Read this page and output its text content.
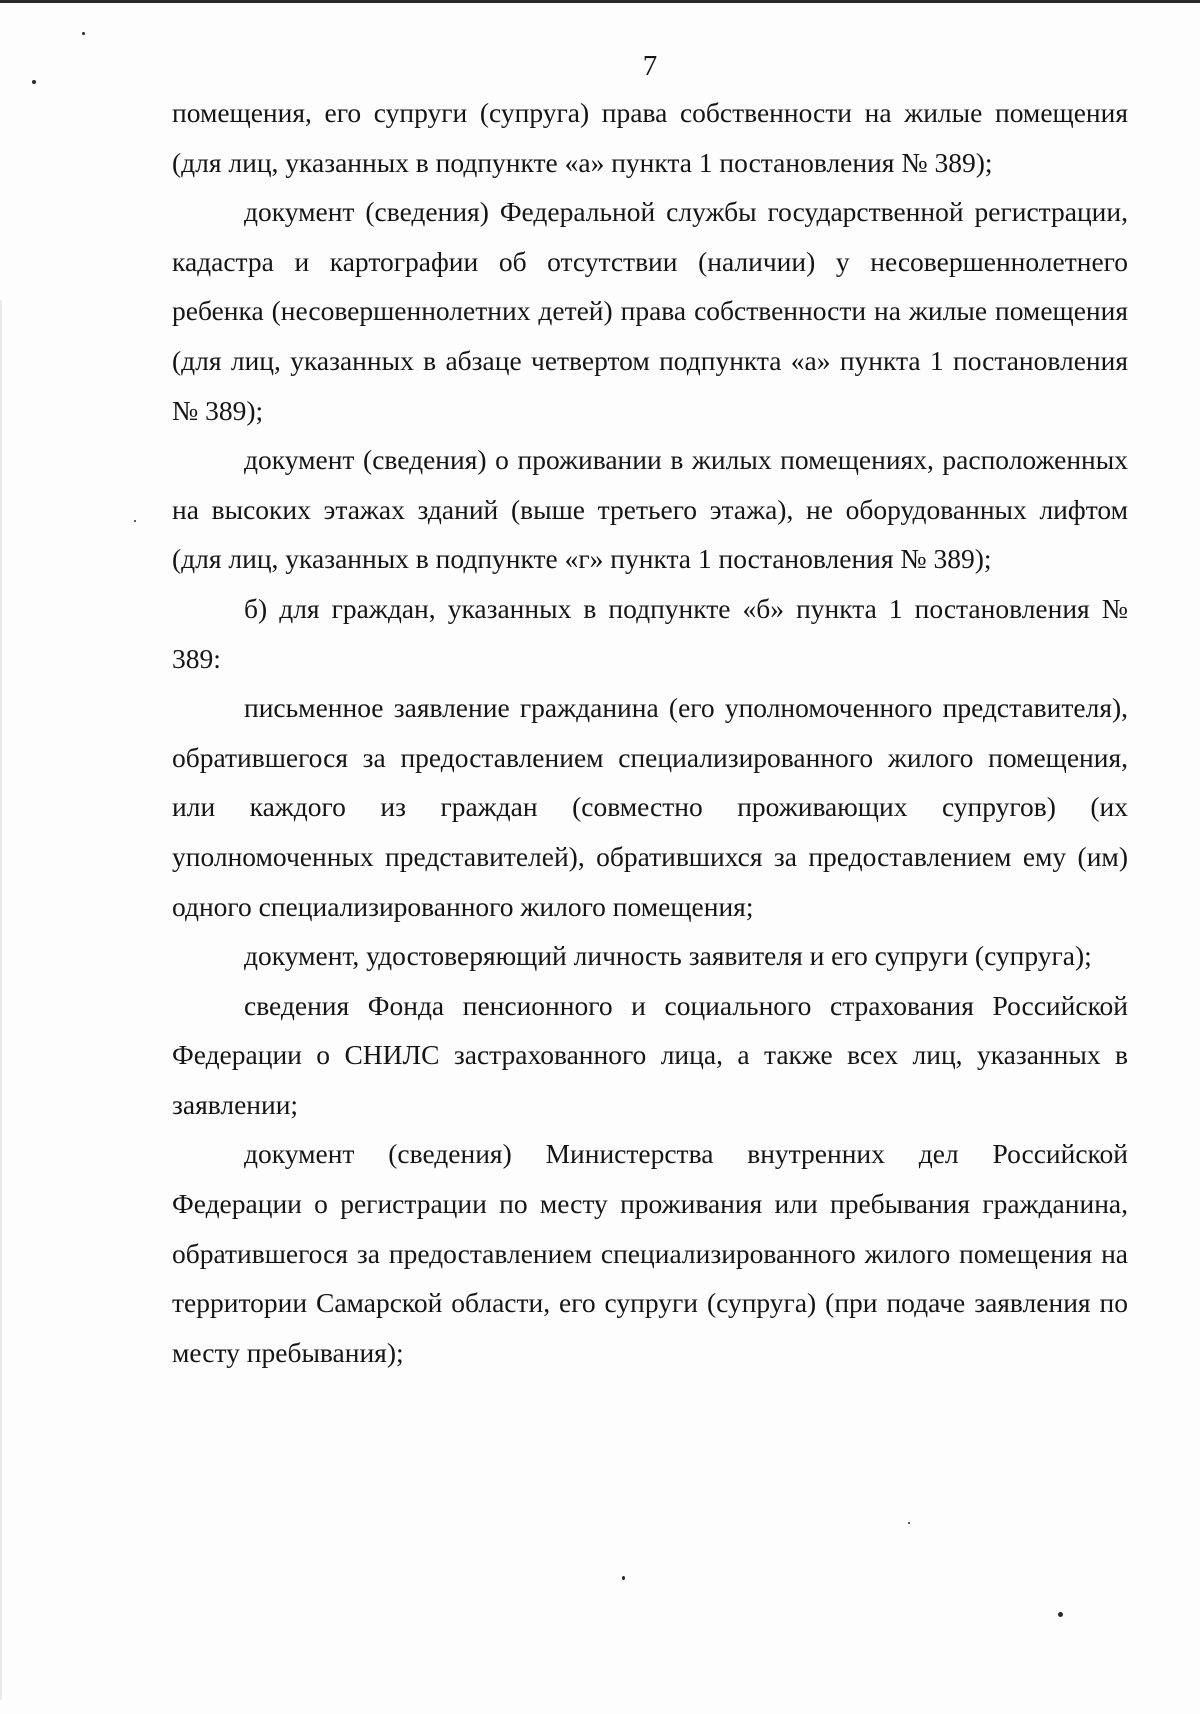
7

помещения, его супруги (супруга) права собственности на жилые помещения (для лиц, указанных в подпункте «а» пункта 1 постановления № 389);

документ (сведения) Федеральной службы государственной регистрации, кадастра и картографии об отсутствии (наличии) у несовершеннолетнего ребенка (несовершеннолетних детей) права собственности на жилые помещения (для лиц, указанных в абзаце четвертом подпункта «а» пункта 1 постановления № 389);

документ (сведения) о проживании в жилых помещениях, расположенных на высоких этажах зданий (выше третьего этажа), не оборудованных лифтом (для лиц, указанных в подпункте «г» пункта 1 постановления № 389);

б) для граждан, указанных в подпункте «б» пункта 1 постановления № 389:

письменное заявление гражданина (его уполномоченного представителя), обратившегося за предоставлением специализированного жилого помещения, или каждого из граждан (совместно проживающих супругов) (их уполномоченных представителей), обратившихся за предоставлением ему (им) одного специализированного жилого помещения;

документ, удостоверяющий личность заявителя и его супруги (супруга);

сведения Фонда пенсионного и социального страхования Российской Федерации о СНИЛС застрахованного лица, а также всех лиц, указанных в заявлении;

документ (сведения) Министерства внутренних дел Российской Федерации о регистрации по месту проживания или пребывания гражданина, обратившегося за предоставлением специализированного жилого помещения на территории Самарской области, его супруги (супруга) (при подаче заявления по месту пребывания);
